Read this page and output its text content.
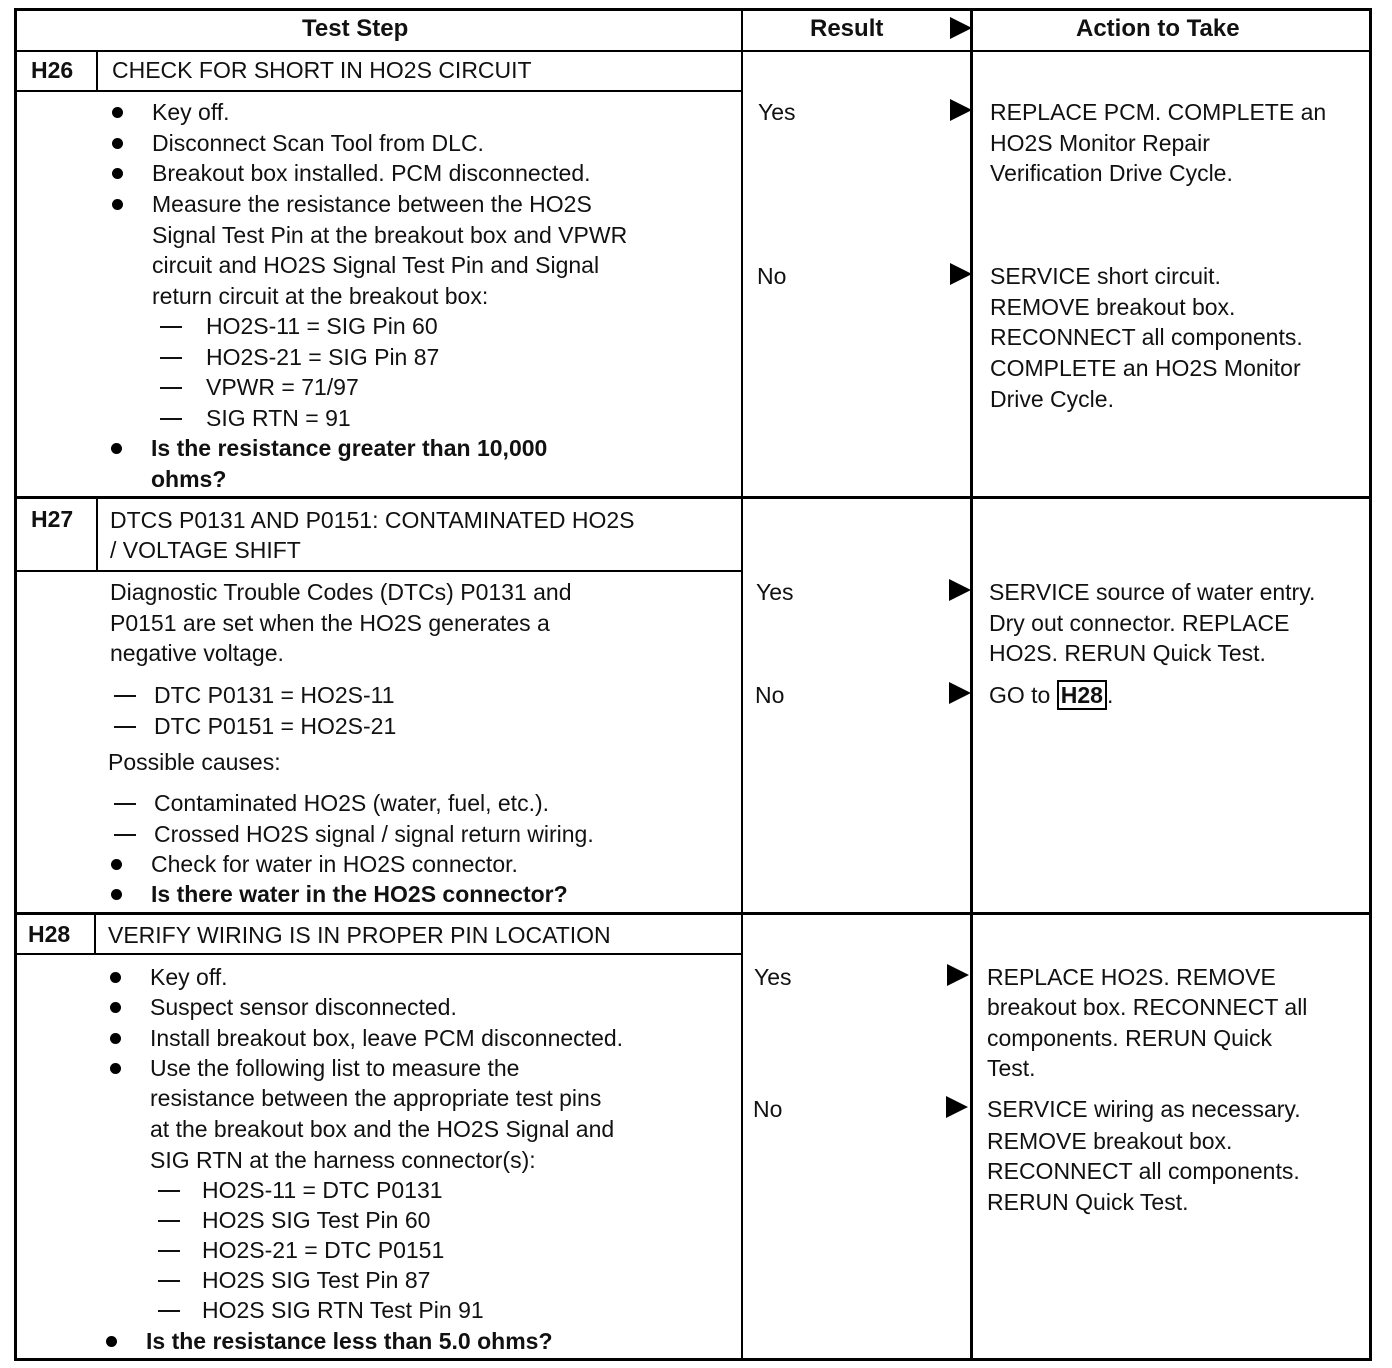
Test Step	Result	Action to Take
H26 CHECK FOR SHORT IN HO2S CIRCUIT
Key off.
Disconnect Scan Tool from DLC.
Breakout box installed. PCM disconnected.
Measure the resistance between the HO2S
Signal Test Pin at the breakout box and VPWR
circuit and HO2S Signal Test Pin and Signal
return circuit at the breakout box:
HO2S-11 = SIG Pin 60
HO2S-21 = SIG Pin 87
VPWR = 71/97
SIG RTN = 91
Is the resistance greater than 10,000
ohms?
Yes	REPLACE PCM. COMPLETE an
HO2S Monitor Repair
Verification Drive Cycle.
No	SERVICE short circuit.
REMOVE breakout box.
RECONNECT all components.
COMPLETE an HO2S Monitor
Drive Cycle.
H27 DTCS P0131 AND P0151: CONTAMINATED HO2S
/ VOLTAGE SHIFT
Diagnostic Trouble Codes (DTCs) P0131 and
P0151 are set when the HO2S generates a
negative voltage.
DTC P0131 = HO2S-11
DTC P0151 = HO2S-21
Possible causes:
Contaminated HO2S (water, fuel, etc.).
Crossed HO2S signal / signal return wiring.
Check for water in HO2S connector.
Is there water in the HO2S connector?
Yes	SERVICE source of water entry.
Dry out connector. REPLACE
HO2S. RERUN Quick Test.
No	GO to H28 .
H28 VERIFY WIRING IS IN PROPER PIN LOCATION
Key off.
Suspect sensor disconnected.
Install breakout box, leave PCM disconnected.
Use the following list to measure the
resistance between the appropriate test pins
at the breakout box and the HO2S Signal and
SIG RTN at the harness connector(s):
HO2S-11 = DTC P0131
HO2S SIG Test Pin 60
HO2S-21 = DTC P0151
HO2S SIG Test Pin 87
HO2S SIG RTN Test Pin 91
Is the resistance less than 5.0 ohms?
Yes	REPLACE HO2S. REMOVE
breakout box. RECONNECT all
components. RERUN Quick
Test.
No	SERVICE wiring as necessary.
REMOVE breakout box.
RECONNECT all components.
RERUN Quick Test.
